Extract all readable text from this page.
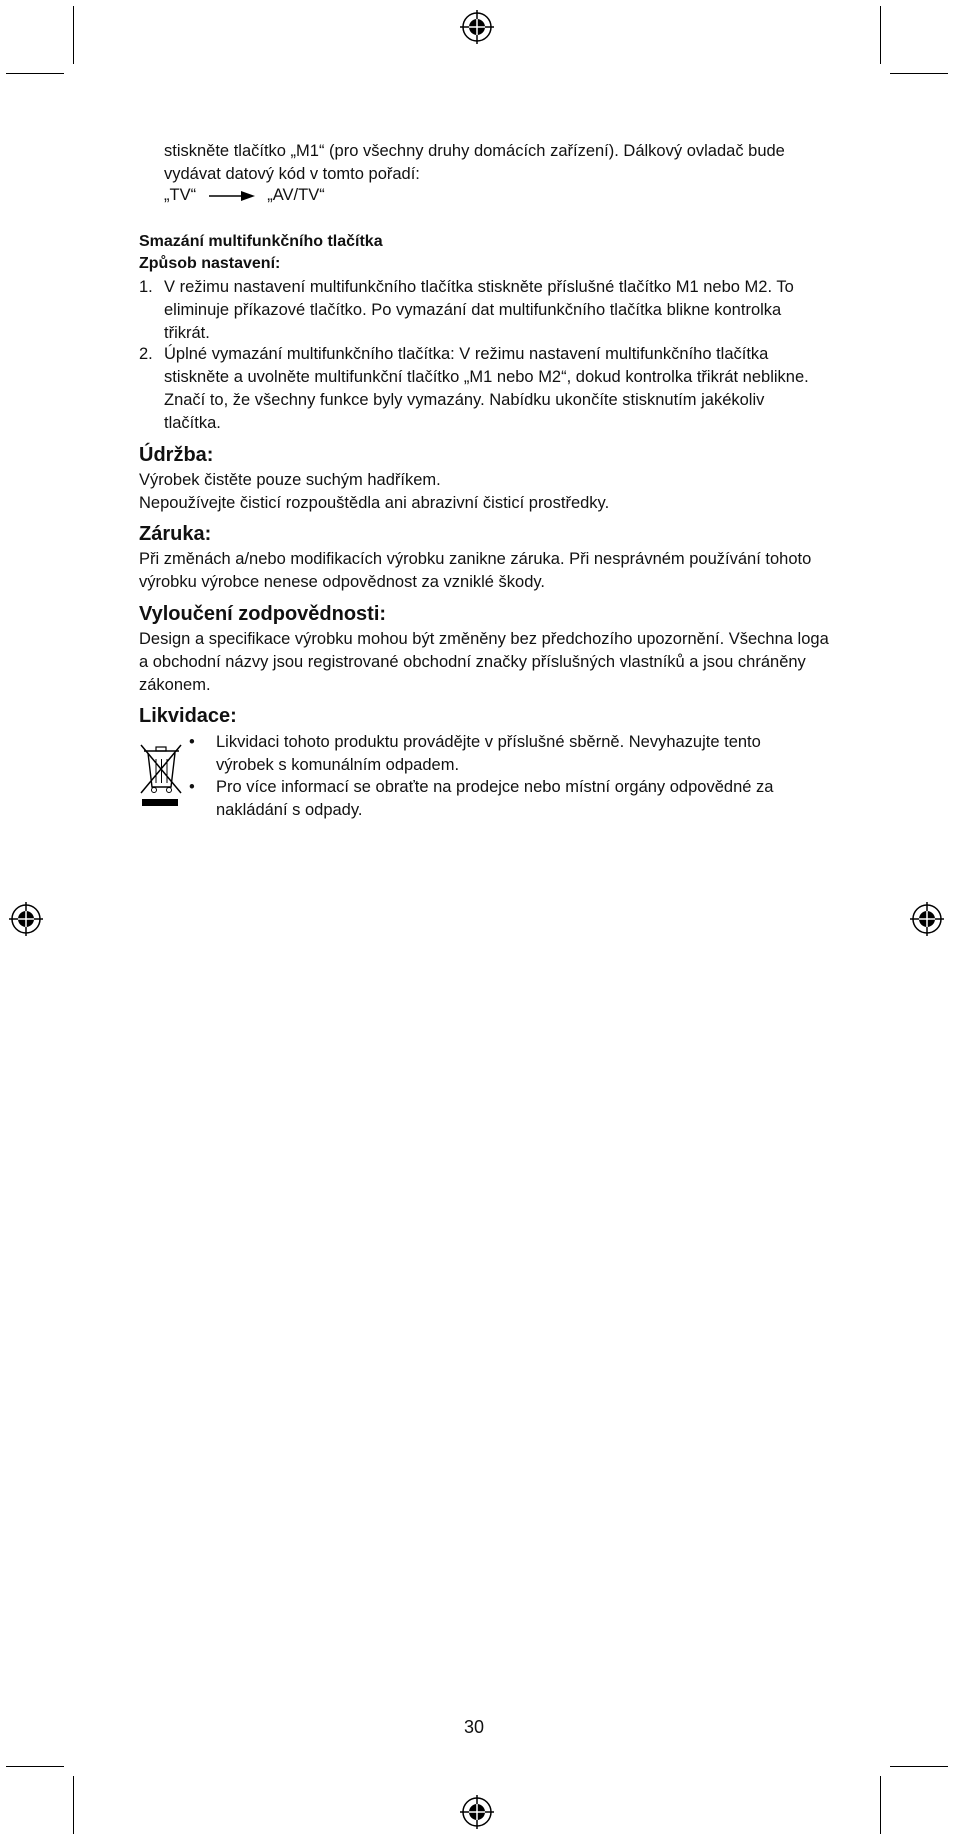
stiskněte tlačítko „M1“ (pro všechny druhy domácích zařízení). Dálkový ovladač bude vydávat datový kód v tomto pořadí:

„TV“	„AV/TV“
Smazání multifunkčního tlačítka
Způsob nastavení:
1. V režimu nastavení multifunkčního tlačítka stiskněte příslušné tlačítko M1 nebo M2. To eliminuje příkazové tlačítko. Po vymazání dat multifunkčního tlačítka blikne kontrolka třikrát.
2. Úplné vymazání multifunkčního tlačítka: V režimu nastavení multifunkčního tlačítka stiskněte a uvolněte multifunkční tlačítko „M1 nebo M2“, dokud kontrolka třikrát neblikne. Značí to, že všechny funkce byly vymazány. Nabídku ukončíte stisknutím jakékoliv tlačítka.
Údržba:

Výrobek čistěte pouze suchým hadříkem.

Nepoužívejte čisticí rozpouštědla ani abrazivní čisticí prostředky.

Záruka:

Při změnách a/nebo modifikacích výrobku zanikne záruka. Při nesprávném používání tohoto výrobku výrobce nenese odpovědnost za vzniklé škody.

Vyloučení zodpovědnosti:

Design a specifikace výrobku mohou být změněny bez předchozího upozornění. Všechna loga a obchodní názvy jsou registrované obchodní značky příslušných vlastníků a jsou chráněny zákonem.

Likvidace:
• Likvidaci tohoto produktu provádějte v příslušné sběrně. Nevyhazujte tento výrobek s komunálním odpadem.
• Pro více informací se obraťte na prodejce nebo místní orgány odpovědné za nakládání s odpady.
30
